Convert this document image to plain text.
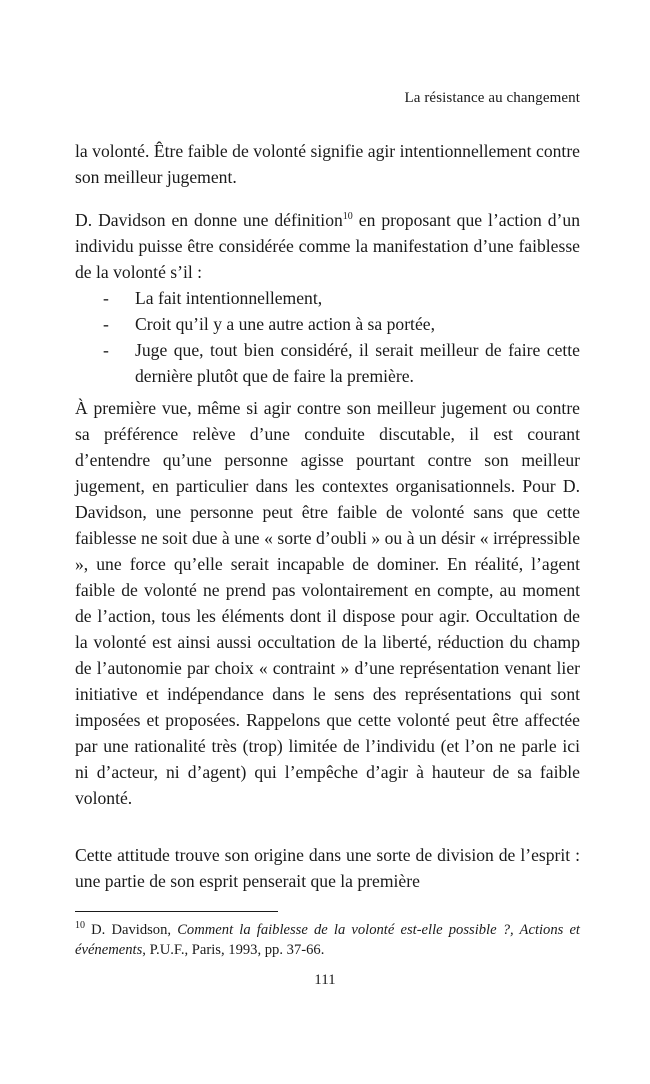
La résistance au changement

la volonté. Être faible de volonté signifie agir intentionnellement contre son meilleur jugement.

D. Davidson en donne une définition$^{10}$ en proposant que l’action d’un individu puisse être considérée comme la manifestation d’une faiblesse de la volonté s’il :

- La fait intentionnellement,
- Croit qu’il y a une autre action à sa portée,
- Juge que, tout bien considéré, il serait meilleur de faire cette dernière plutôt que de faire la première.

À première vue, même si agir contre son meilleur jugement ou contre sa préférence relève d’une conduite discutable, il est courant d’entendre qu’une personne agisse pourtant contre son meilleur jugement, en particulier dans les contextes organisationnels. Pour D. Davidson, une personne peut être faible de volonté sans que cette faiblesse ne soit due à une « sorte d’oubli » ou à un désir « irrépressible », une force qu’elle serait incapable de dominer. En réalité, l’agent faible de volonté ne prend pas volontairement en compte, au moment de l’action, tous les éléments dont il dispose pour agir. Occultation de la volonté est ainsi aussi occultation de la liberté, réduction du champ de l’autonomie par choix « contraint » d’une représentation venant lier initiative et indépendance dans le sens des représentations qui sont imposées et proposées. Rappelons que cette volonté peut être affectée par une rationalité très (trop) limitée de l’individu (et l’on ne parle ici ni d’acteur, ni d’agent) qui l’empêche d’agir à hauteur de sa faible volonté.

Cette attitude trouve son origine dans une sorte de division de l’esprit : une partie de son esprit penserait que la première

$^{10}$ D. Davidson, Comment la faiblesse de la volonté est-elle possible ?, Actions et événements, P.U.F., Paris, 1993, pp. 37-66.
111
